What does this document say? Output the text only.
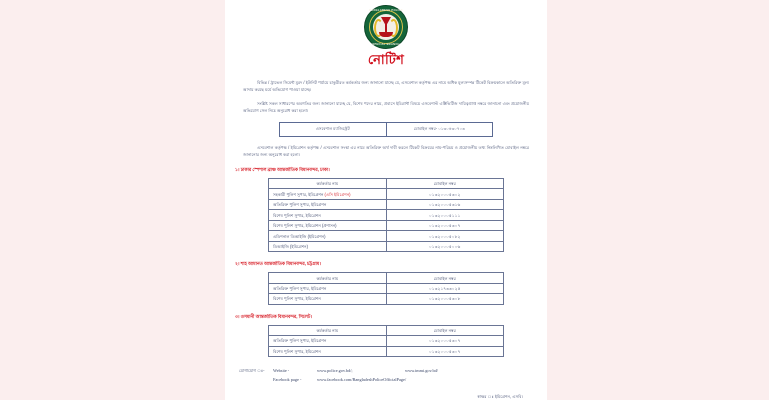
BANGLADESH POLICE
SPECIAL BRANCH
নোটিশ

বিভিন্ন / ট্রাভেল সিমেন্ট মুরদ / ইউনিট পর্যায়ে চাকুরীরত কর্মকর্তার জন্য জানানো যাচ্ছে যে, এসবেশাল কর্তৃপক্ষ এর নামে অধিক মূল্যসম্পন্ন টিকেট বিক্রয়কালে অতিরিক্ত মূল্য আদায় করছে মর্মে অভিযোগ পাওয়া যাচ্ছে।

সংশ্লিষ্ট সকল সাধারণের অবগতির জন্য জানানো যাচ্ছে যে, বিশেষ পদের নামে, প্রবাসে ইমিগ্রান্ট বিষয়ে এসবেশাল্ট এক্টিভিটিজ দায়িত্বপ্রাপ্ত নম্বরে জানানো এবং প্রয়োজনীয় অভিযোগ সেল নিচে অনুরোধ করা হলো।

এসবেশাল ম্যাজিস্ট্রেট	মোবাইল নম্বর- ০১৩০৪৩০৭০৩

এসবেশাল কর্তৃপক্ষ / ইমিগ্রেশন কর্তৃপক্ষ / এসবেশাল সংস্থা এর নামে অতিরিক্ত অর্থ দাবী করলে টিকেট বিক্রয়ের নাম-পরিচয় ও প্রয়োজনীয় তথ্য নিম্নলিখিত মোবাইল নম্বরে জানানোর জন্য অনুরোধ করা হলো।

১। ঢাকার স্পেশাল ব্রাঞ্চ আন্তর্জাতিক বিমানবন্দর, ঢাকা।
কর্মকর্তার নাম	মোবাইল নম্বর
সহকারী পুলিশ সুপার, ইমিগ্রেশন (এসি ইমিগ্রেশন)	০১৩২০০০৫৩০২
অতিরিক্ত পুলিশ সুপার, ইমিগ্রেশন	০১৩২০০০৫৩১৬
বিশেষ পুলিশ সুপার, ইমিগ্রেশন	০১৩২০০০৫১১১
বিশেষ পুলিশ সুপার, ইমিগ্রেশন (প্রশাসন)	০১৩২০০০৫৩০৭
এডিশনাল ডিআইজি (ইমিগ্রেশন)	০১৩২০০০৫০৮২
ডিআইজি (ইমিগ্রেশন)	০১৩২০০০৫০০৬
২। শাহ আমানত আন্তর্জাতিক বিমানবন্দর, চট্টগ্রাম।
কর্মকর্তার নাম	মোবাইল নম্বর
অতিরিক্ত পুলিশ সুপার, ইমিগ্রেশন	০১৩২১৭৩৩০২৫
বিশেষ পুলিশ সুপার, ইমিগ্রেশন	০১৩২০০০৫৩০৮
৩। ওসমানী আন্তর্জাতিক বিমানবন্দর, সিলেট।
কর্মকর্তার নাম	মোবাইল নম্বর
অতিরিক্ত পুলিশ সুপার, ইমিগ্রেশন	০১৩২০০০৫৩০৭
বিশেষ পুলিশ সুপার, ইমিগ্রেশন	০১৩২০০০৫৩০৭
যোগাযোগ ঃ-	Website -	www.police.gov.bd/;	www.immi.gov.bd/
Facebook page -	www.facebook.com/BangladeshPoliceOfficialPage/
স্বাক্ষর ঃ ইমিগ্রেশন, এসবি।
